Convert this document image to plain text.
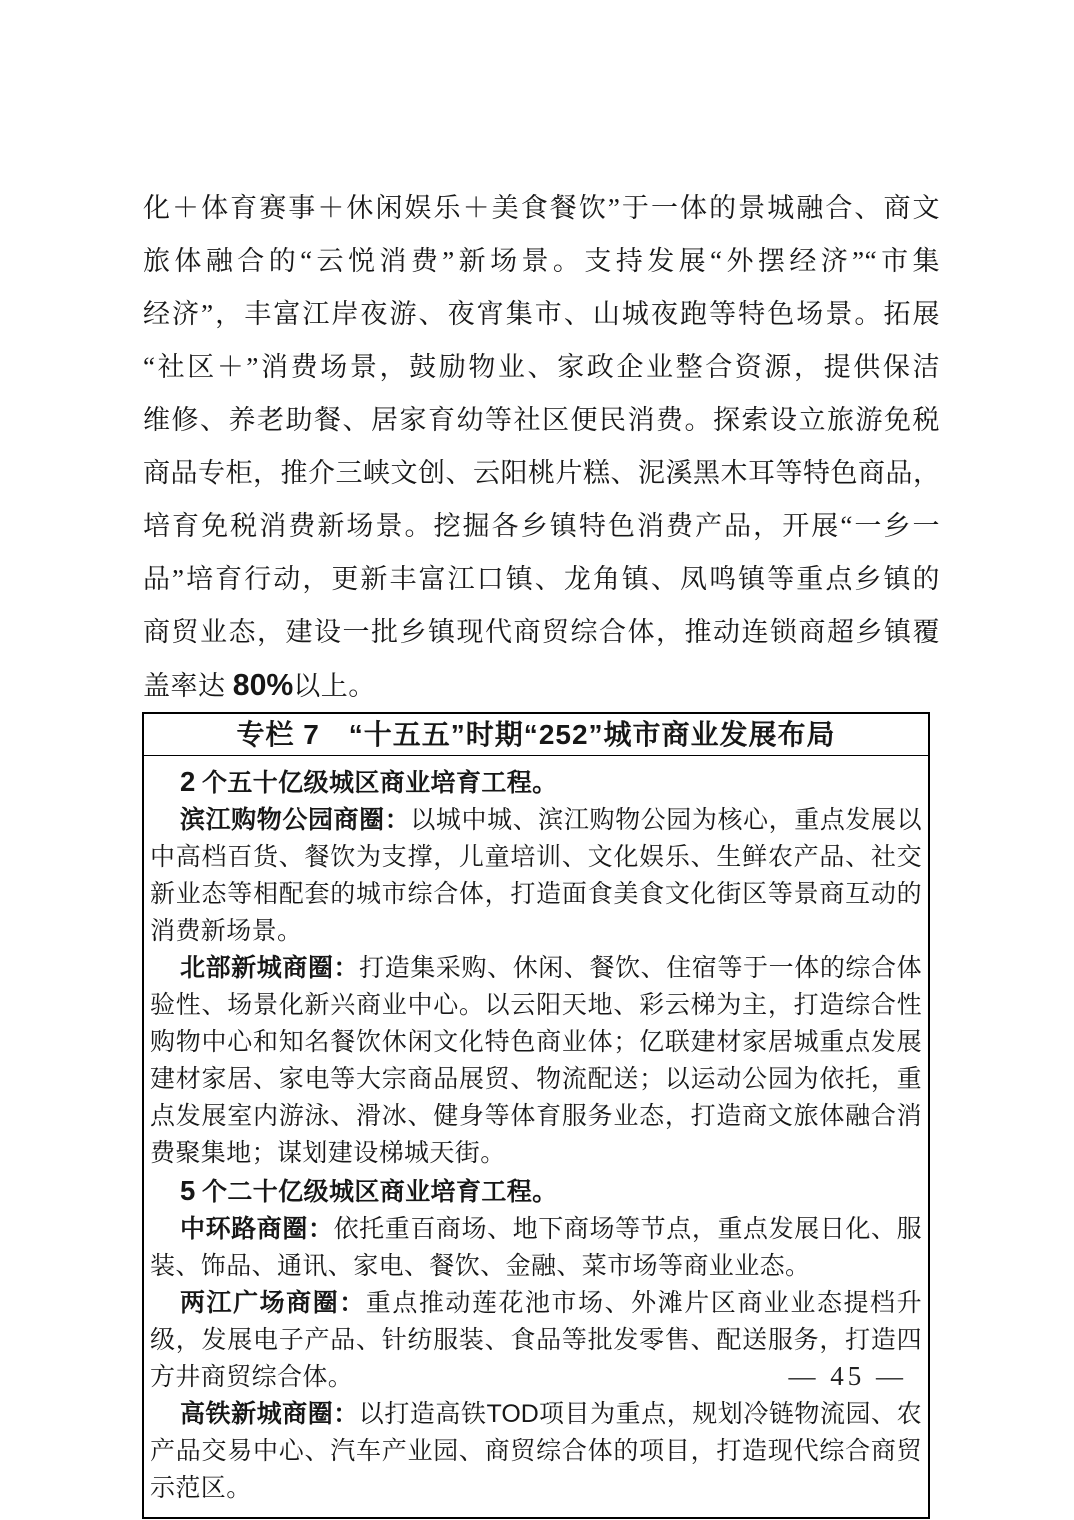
化＋体育赛事＋休闲娱乐＋美食餐饮”于一体的景城融合、商文
旅体融合的“云悦消费”新场景。支持发展“外摆经济”“市集
经济”，丰富江岸夜游、夜宵集市、山城夜跑等特色场景。拓展
“社区＋”消费场景，鼓励物业、家政企业整合资源，提供保洁
维修、养老助餐、居家育幼等社区便民消费。探索设立旅游免税
商品专柜，推介三峡文创、云阳桃片糕、泥溪黑木耳等特色商品，
培育免税消费新场景。挖掘各乡镇特色消费产品，开展“一乡一
品”培育行动，更新丰富江口镇、龙角镇、凤鸣镇等重点乡镇的
商贸业态，建设一批乡镇现代商贸综合体，推动连锁商超乡镇覆
盖率达 80%以上。
专栏 7　“十五五”时期“252”城市商业发展布局
2 个五十亿级城区商业培育工程。
滨江购物公园商圈：以城中城、滨江购物公园为核心，重点发展以中高档百货、餐饮为支撑，儿童培训、文化娱乐、生鲜农产品、社交新业态等相配套的城市综合体，打造面食美食文化街区等景商互动的消费新场景。
北部新城商圈：打造集采购、休闲、餐饮、住宿等于一体的综合体验性、场景化新兴商业中心。以云阳天地、彩云梯为主，打造综合性购物中心和知名餐饮休闲文化特色商业体；亿联建材家居城重点发展建材家居、家电等大宗商品展贸、物流配送；以运动公园为依托，重点发展室内游泳、滑冰、健身等体育服务业态，打造商文旅体融合消费聚集地；谋划建设梯城天街。
5 个二十亿级城区商业培育工程。
中环路商圈：依托重百商场、地下商场等节点，重点发展日化、服装、饰品、通讯、家电、餐饮、金融、菜市场等商业业态。
两江广场商圈：重点推动莲花池市场、外滩片区商业业态提档升级，发展电子产品、针纺服装、食品等批发零售、配送服务，打造四方井商贸综合体。
高铁新城商圈：以打造高铁TOD项目为重点，规划冷链物流园、农产品交易中心、汽车产业园、商贸综合体的项目，打造现代综合商贸示范区。
— 45 —
